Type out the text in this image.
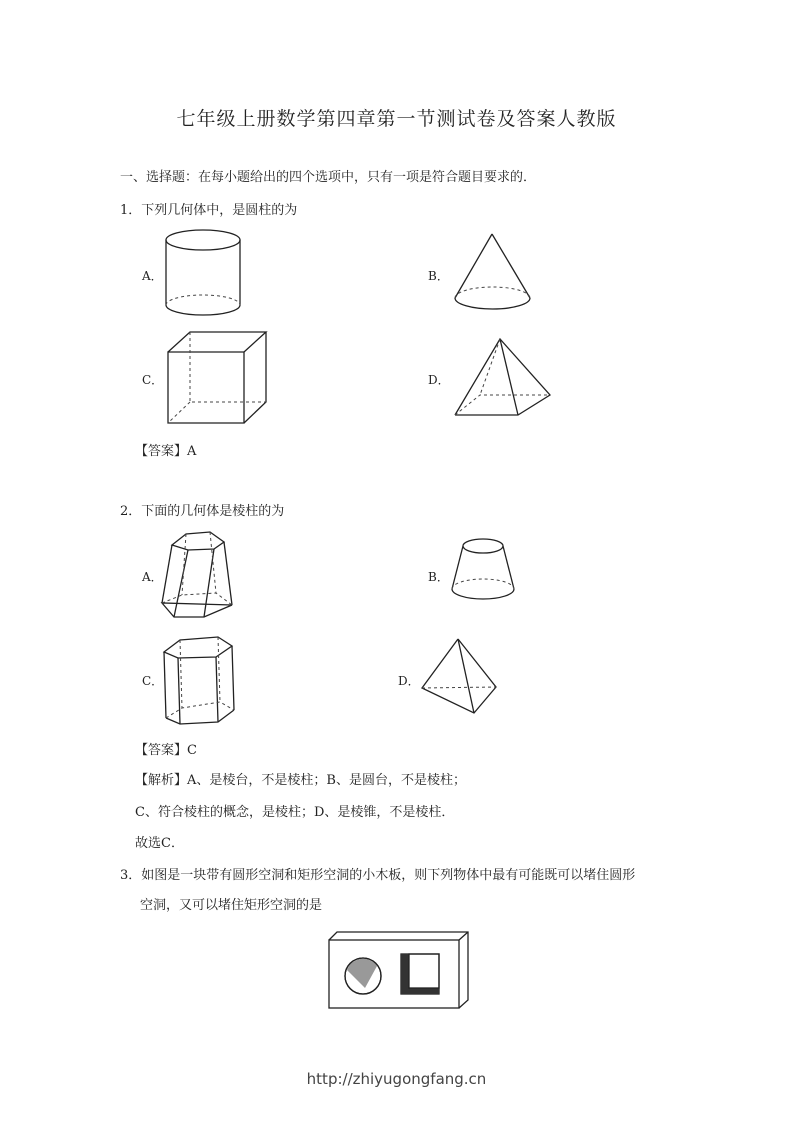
七年级上册数学第四章第一节测试卷及答案人教版
一、选择题：在每小题给出的四个选项中，只有一项是符合题目要求的．
1．下列几何体中，是圆柱的为
A．	B．
C．	D．
【答案】A
2．下面的几何体是棱柱的为
A．	B．
C．	D．
【答案】C
【解析】A、是棱台，不是棱柱；B、是圆台，不是棱柱；
C、符合棱柱的概念，是棱柱；D、是棱锥，不是棱柱．
故选C．
3．如图是一块带有圆形空洞和矩形空洞的小木板，则下列物体中最有可能既可以堵住圆形
空洞，又可以堵住矩形空洞的是
http://zhiyugongfang.cn
